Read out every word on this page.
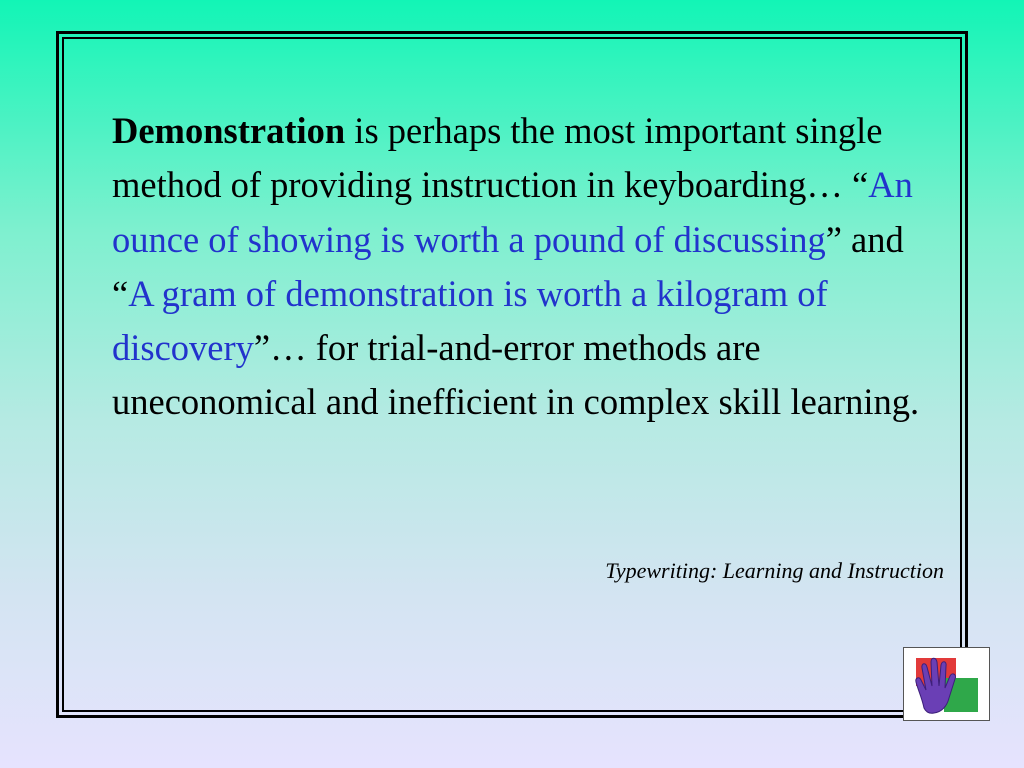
Demonstration is perhaps the most important single method of providing instruction in keyboarding… “An ounce of showing is worth a pound of discussing” and “A gram of demonstration is worth a kilogram of discovery”… for trial-and-error methods are uneconomical and inefficient in complex skill learning.

Typewriting: Learning and Instruction
